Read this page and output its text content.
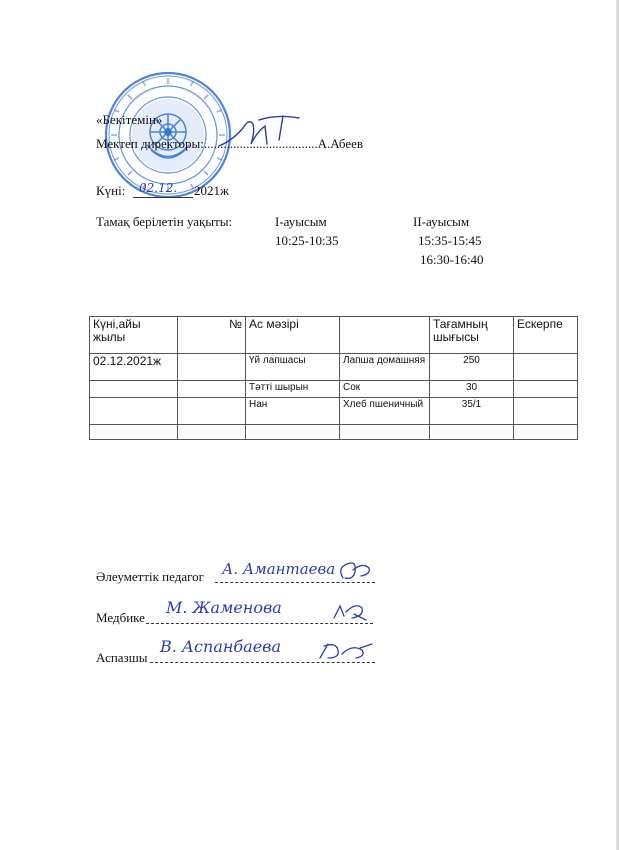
«Бекітемін»
Мектеп директоры:...................................А.Абеев
Күні: 02.12. 2021ж
Тамақ берілетін уақыты:	І-ауысым
10:25-10:35
ІІ-ауысым
15:35-15:45
16:30-16:40
Күні,айы жылы	№	Ас мәзірі		Тағамның шығысы	Ескерпе
02.12.2021ж		Үй лапшасы	Лапша домашняя	250	
		Тәтті шырын	Сок	30	
		Нан	Хлеб пшеничный	35/1	

Әлеуметтік педагог А. Амантаева
Медбике
М. Жаменова
Аспазшы
В. Аспанбаева
